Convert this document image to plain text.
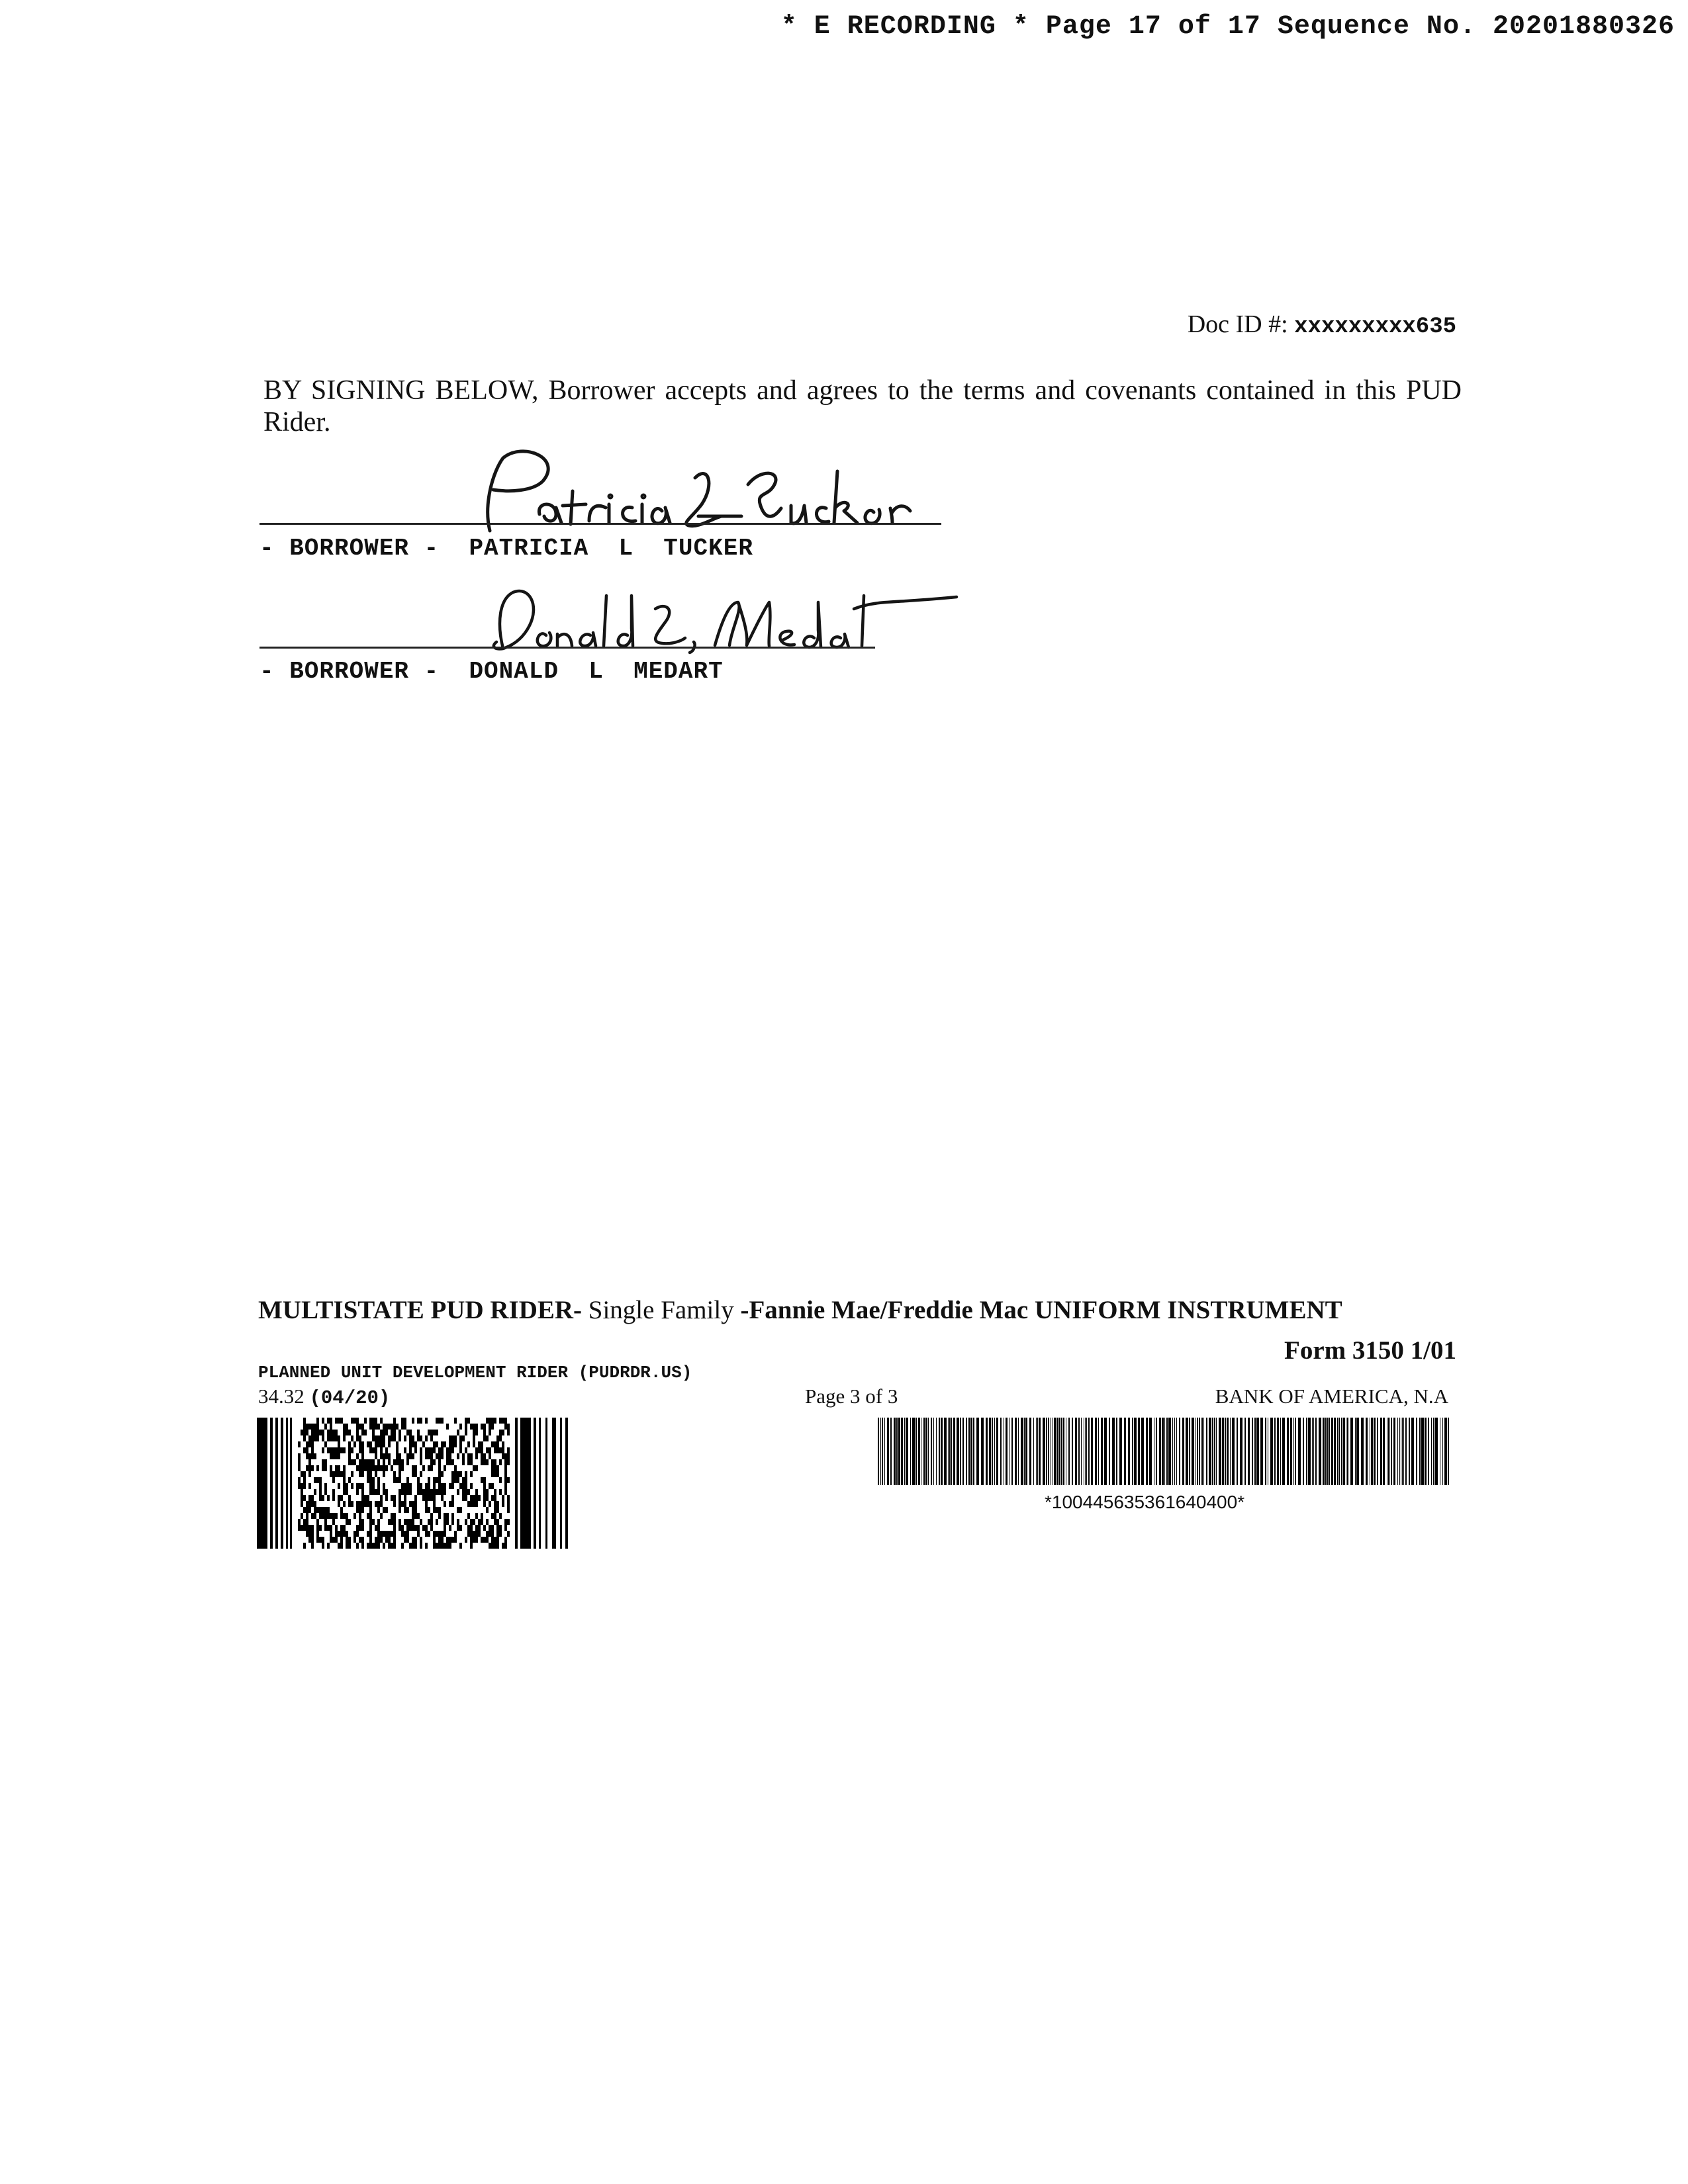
* E RECORDING * Page 17 of 17 Sequence No. 20201880326
Doc ID #: xxxxxxxxx635
BY SIGNING BELOW, Borrower accepts and agrees to the terms and covenants contained in this PUD Rider.
- BORROWER -  PATRICIA  L  TUCKER
- BORROWER -  DONALD  L  MEDART
MULTISTATE PUD RIDER- Single Family -Fannie Mae/Freddie Mac UNIFORM INSTRUMENT
Form 3150 1/01
PLANNED UNIT DEVELOPMENT RIDER (PUDRDR.US)
34.32 (04/20)	Page 3 of 3	BANK OF AMERICA, N.A
*100445635361640400*
